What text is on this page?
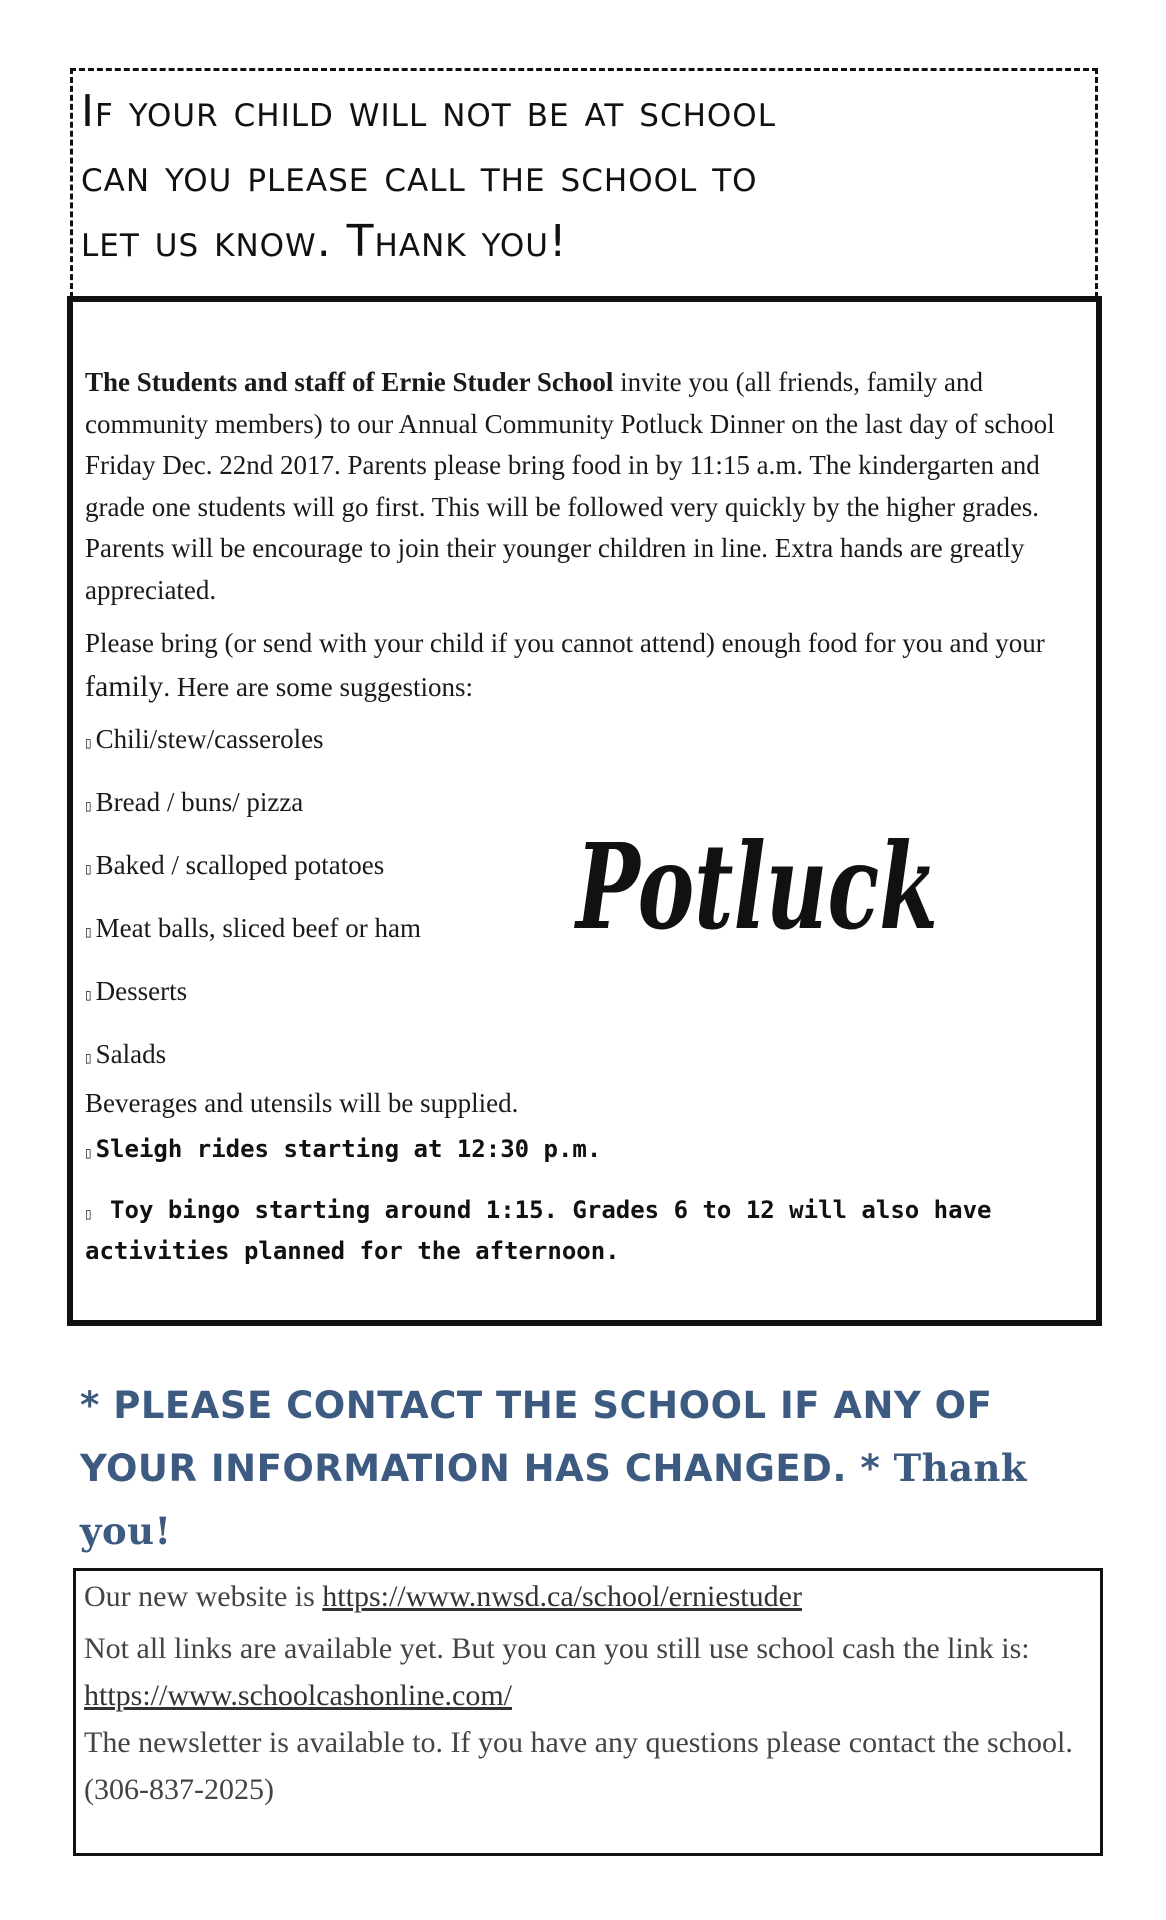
If your child will not be at school

can you please call the school to

let us know. Thank you!

The Students and staff of Ernie Studer School invite you (all friends, family and community members) to our Annual Community Potluck Dinner on the last day of school Friday Dec. 22nd 2017. Parents please bring food in by 11:15 a.m. The kindergarten and grade one students will go first. This will be followed very quickly by the higher grades. Parents will be encourage to join their younger children in line. Extra hands are greatly appreciated.

Please bring (or send with your child if you cannot attend) enough food for you and your family. Here are some suggestions:

▯ Chili/stew/casseroles
▯ Bread / buns/ pizza
▯ Baked / scalloped potatoes
▯ Meat balls, sliced beef or ham
▯ Desserts
▯ Salads

Beverages and utensils will be supplied.

▯ Sleigh rides starting at 12:30 p.m.

▯ Toy bingo starting around 1:15. Grades 6 to 12 will also have activities planned for the afternoon.

Potluck

* PLEASE CONTACT THE SCHOOL IF ANY OF YOUR INFORMATION HAS CHANGED. * Thank you!

Our new website is https://www.nwsd.ca/school/erniestuder

Not all links are available yet. But you can you still use school cash the link is: https://www.schoolcashonline.com/

The newsletter is available to. If you have any questions please contact the school. (306-837-2025)
